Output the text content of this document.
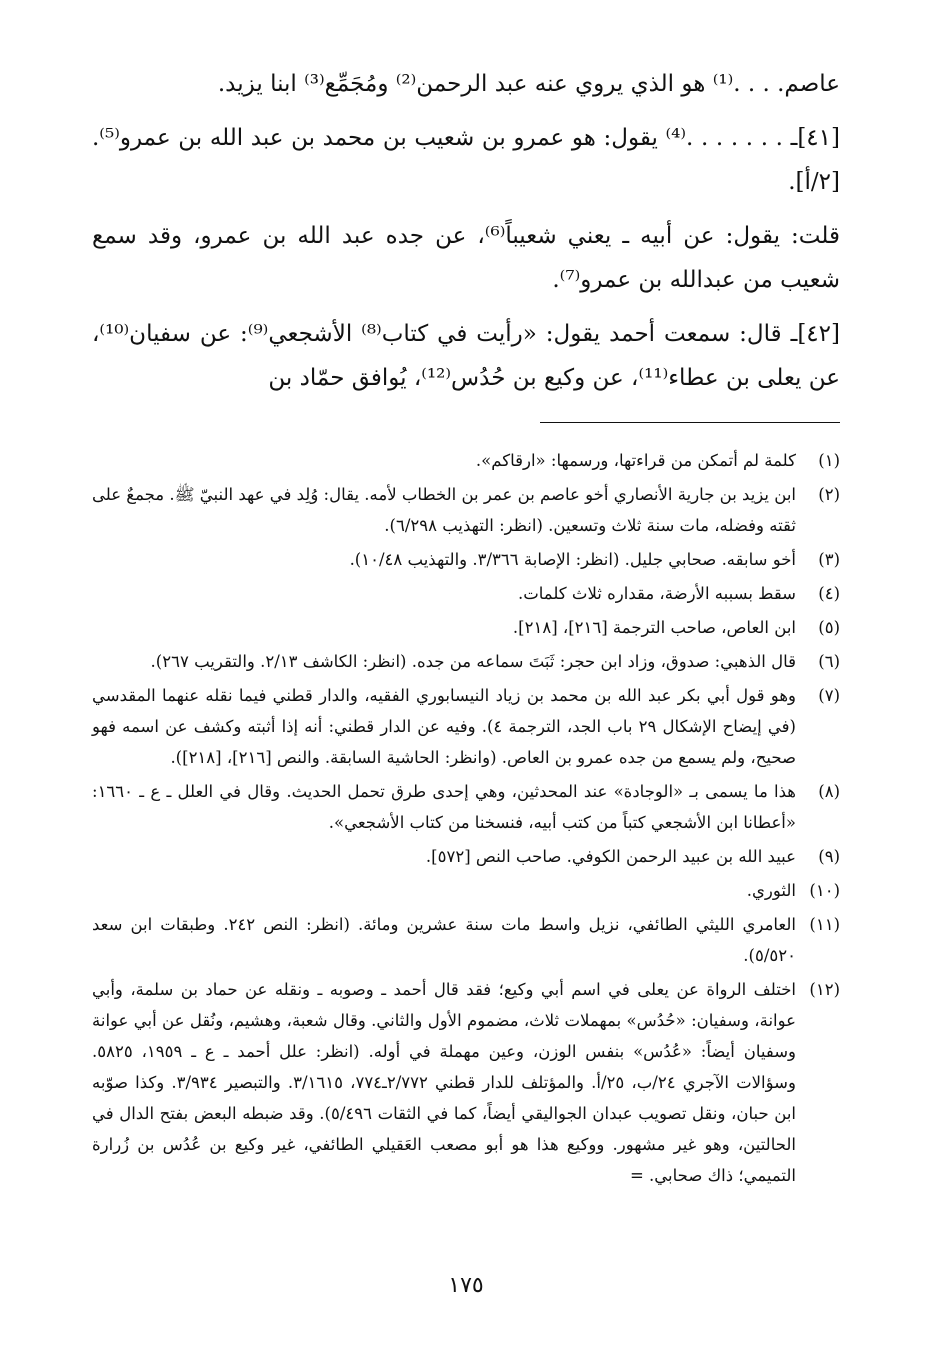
عاصم. . . .⁽¹⁾ هو الذي يروي عنه عبد الرحمن⁽²⁾ ومُجَمِّع⁽³⁾ ابنا يزيد.

[٤١]ـ . . . . . . .⁽⁴⁾ يقول: هو عمرو بن شعيب بن محمد بن عبد الله بن عمرو⁽⁵⁾. [٢/أ].

قلت: يقول: عن أبيه ـ يعني شعيباً⁽⁶⁾، عن جده عبد الله بن عمرو، وقد سمع شعيب من عبدالله بن عمرو⁽⁷⁾.

[٤٢]ـ قال: سمعت أحمد يقول: «رأيت في كتاب⁽⁸⁾ الأشجعي⁽⁹⁾: عن سفيان⁽¹⁰⁾، عن يعلى بن عطاء⁽¹¹⁾، عن وكيع بن حُدُس⁽¹²⁾، يُوافق حمّاد بن

(١)
كلمة لم أتمكن من قراءتها، ورسمها: «ارقاكم».
(٢)
ابن يزيد بن جارية الأنصاري أخو عاصم بن عمر بن الخطاب لأمه. يقال: وُلِد في عهد النبيّ ﷺ. مجمعٌ على ثقته وفضله، مات سنة ثلاث وتسعين. (انظر: التهذيب ٦/٢٩٨).
(٣)
أخو سابقه. صحابي جليل. (انظر: الإصابة ٣/٣٦٦. والتهذيب ١٠/٤٨).
(٤)
سقط بسببه الأرضة، مقداره ثلاث كلمات.
(٥)
ابن العاص، صاحب الترجمة [٢١٦]، [٢١٨].
(٦)
قال الذهبي: صدوق، وزاد ابن حجر: ثَبَتَ سماعه من جده. (انظر: الكاشف ٢/١٣. والتقريب ٢٦٧).
(٧)
وهو قول أبي بكر عبد الله بن محمد بن زياد النيسابوري الفقيه، والدار قطني فيما نقله عنهما المقدسي (في إيضاح الإشكال ٢٩ باب الجد، الترجمة ٤). وفيه عن الدار قطني: أنه إذا أثبته وكشف عن اسمه فهو صحيح، ولم يسمع من جده عمرو بن العاص. (وانظر: الحاشية السابقة. والنص [٢١٦]، [٢١٨]).
(٨)
هذا ما يسمى بـ «الوجادة» عند المحدثين، وهي إحدى طرق تحمل الحديث. وقال في العلل ـ ع ـ ١٦٦٠: «أعطانا ابن الأشجعي كتباً من كتب أبيه، فنسخنا من كتاب الأشجعي».
(٩)
عبيد الله بن عبيد الرحمن الكوفي. صاحب النص [٥٧٢].
(١٠)
الثوري.
(١١)
العامري الليثي الطائفي، نزيل واسط مات سنة عشرين ومائة. (انظر: النص ٢٤٢. وطبقات ابن سعد ٥/٥٢٠).
(١٢)
اختلف الرواة عن يعلى في اسم أبي وكيع؛ فقد قال أحمد ـ وصوبه ـ ونقله عن حماد بن سلمة، وأبي عوانة، وسفيان: «حُدُس» بمهملات ثلاث، مضموم الأول والثاني. وقال شعبة، وهشيم، ونُقل عن أبي عوانة وسفيان أيضاً: «عُدُس» بنفس الوزن، وعين مهملة في أوله. (انظر: علل أحمد ـ ع ـ ١٩٥٩، ٥٨٢٥. وسؤالات الآجري ٢٤/ب، ٢٥/أ. والمؤتلف للدار قطني ٢/٧٧٢ـ٧٧٤، ٣/١٦١٥. والتبصير ٣/٩٣٤. وكذا صوّبه ابن حبان، ونقل تصويب عبدان الجواليقي أيضاً، كما في الثقات ٥/٤٩٦). وقد ضبطه البعض بفتح الدال في الحالتين، وهو غير مشهور. ووكيع هذا هو أبو مصعب العَقيلي الطائفي، غير وكيع بن عُدُس بن زُرارة التميمي؛ ذاك صحابي. =
١٧٥
